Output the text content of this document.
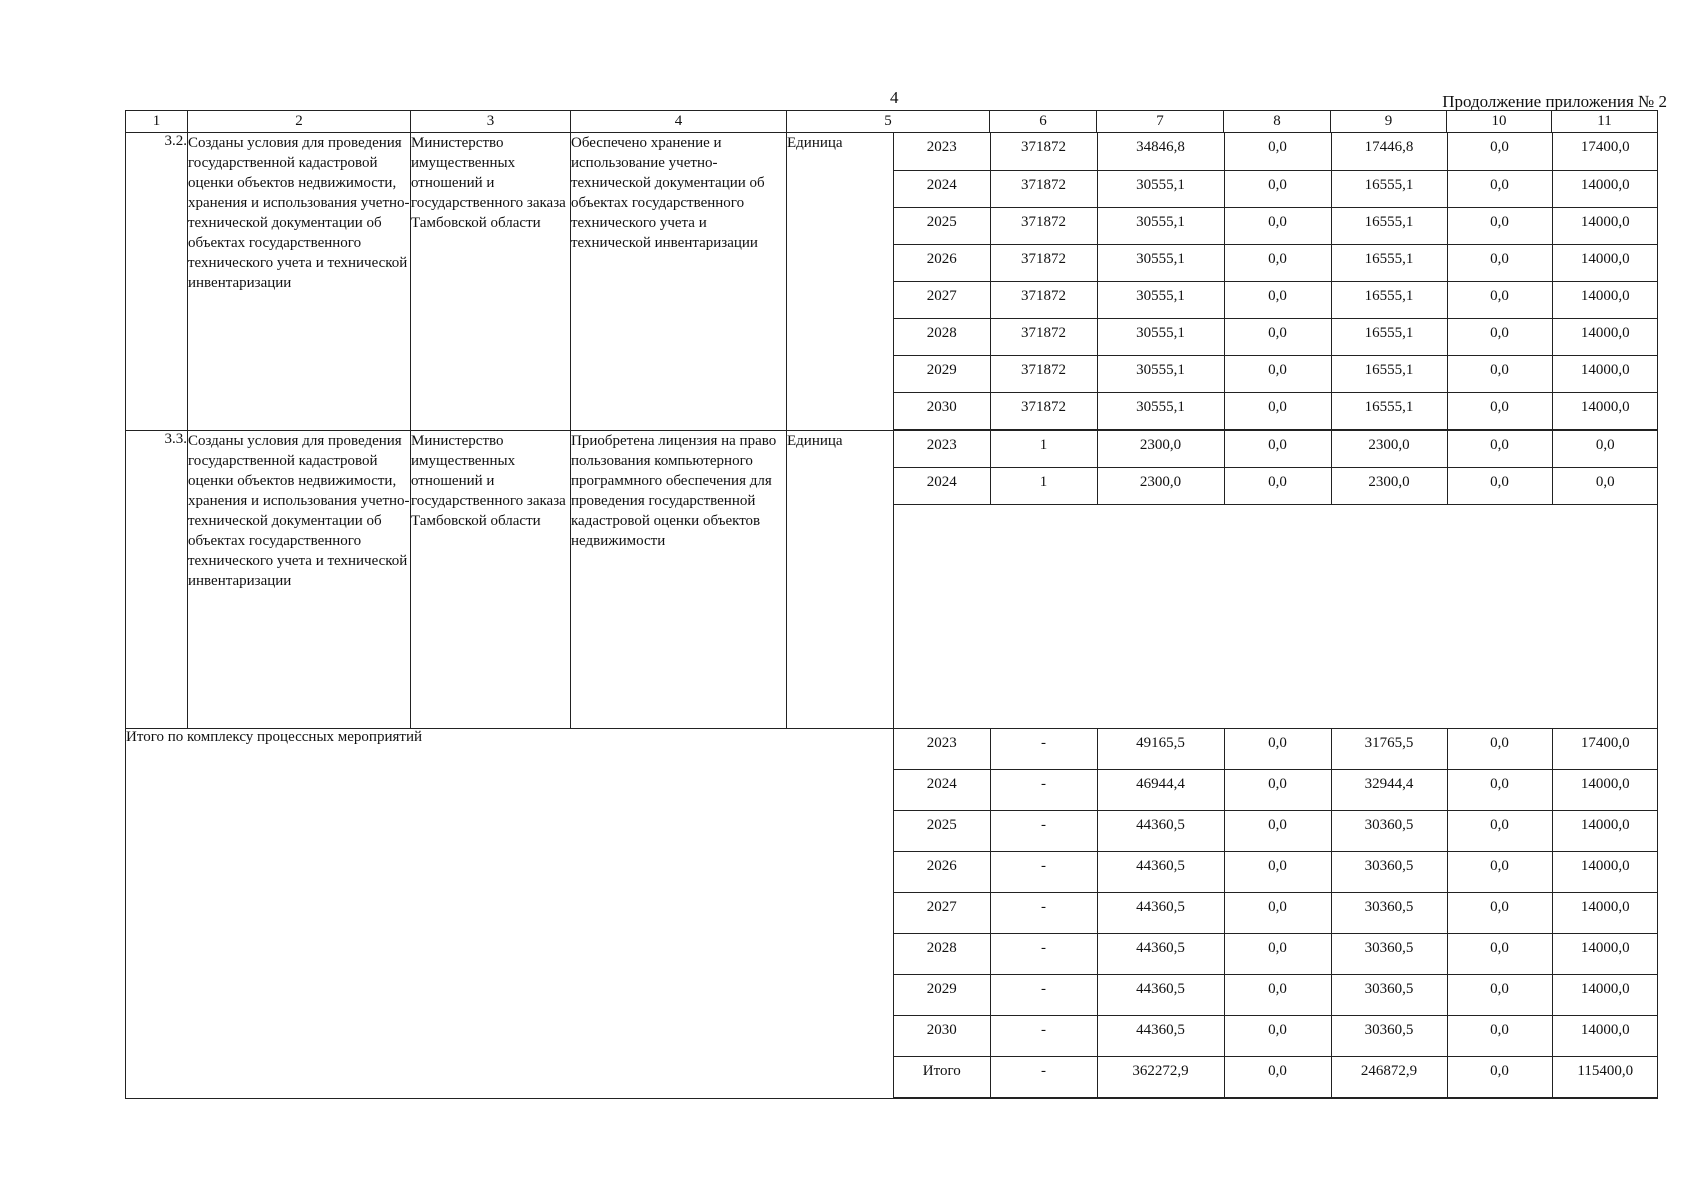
4	Продолжение приложения № 2
1	2	3	4	5	6	7	8	9	10	11
3.2.	Созданы условия для проведения государственной кадастровой оценки объектов недвижимости, хранения и использования учетно-технической документации об объектах государственного технического учета и технической инвентаризации	Министерство имущественных отношений и государственного заказа Тамбовской области	Обеспечено хранение и использование учетно-технической документации об объектах государственного технического учета и технической инвентаризации	Единица		2023	371872	34846,8	0,0	17446,8	0,0	17400,0
2024	371872	30555,1	0,0	16555,1	0,0	14000,0
2025	371872	30555,1	0,0	16555,1	0,0	14000,0
2026	371872	30555,1	0,0	16555,1	0,0	14000,0
2027	371872	30555,1	0,0	16555,1	0,0	14000,0
2028	371872	30555,1	0,0	16555,1	0,0	14000,0
2029	371872	30555,1	0,0	16555,1	0,0	14000,0
2030	371872	30555,1	0,0	16555,1	0,0	14000,0

3.3.	Созданы условия для проведения государственной кадастровой оценки объектов недвижимости, хранения и использования учетно-технической документации об объектах государственного технического учета и технической инвентаризации	Министерство имущественных отношений и государственного заказа Тамбовской области	Приобретена лицензия на право пользования компьютерного программного обеспечения для проведения государственной кадастровой оценки объектов недвижимости	Единица		2023	1	2300,0	0,0	2300,0	0,0	0,0
2024	1	2300,0	0,0	2300,0	0,0	0,0

Итого по комплексу процессных мероприятий		2023	-	49165,5	0,0	31765,5	0,0	17400,0
2024	-	46944,4	0,0	32944,4	0,0	14000,0
2025	-	44360,5	0,0	30360,5	0,0	14000,0
2026	-	44360,5	0,0	30360,5	0,0	14000,0
2027	-	44360,5	0,0	30360,5	0,0	14000,0
2028	-	44360,5	0,0	30360,5	0,0	14000,0
2029	-	44360,5	0,0	30360,5	0,0	14000,0
2030	-	44360,5	0,0	30360,5	0,0	14000,0
Итого	-	362272,9	0,0	246872,9	0,0	115400,0
